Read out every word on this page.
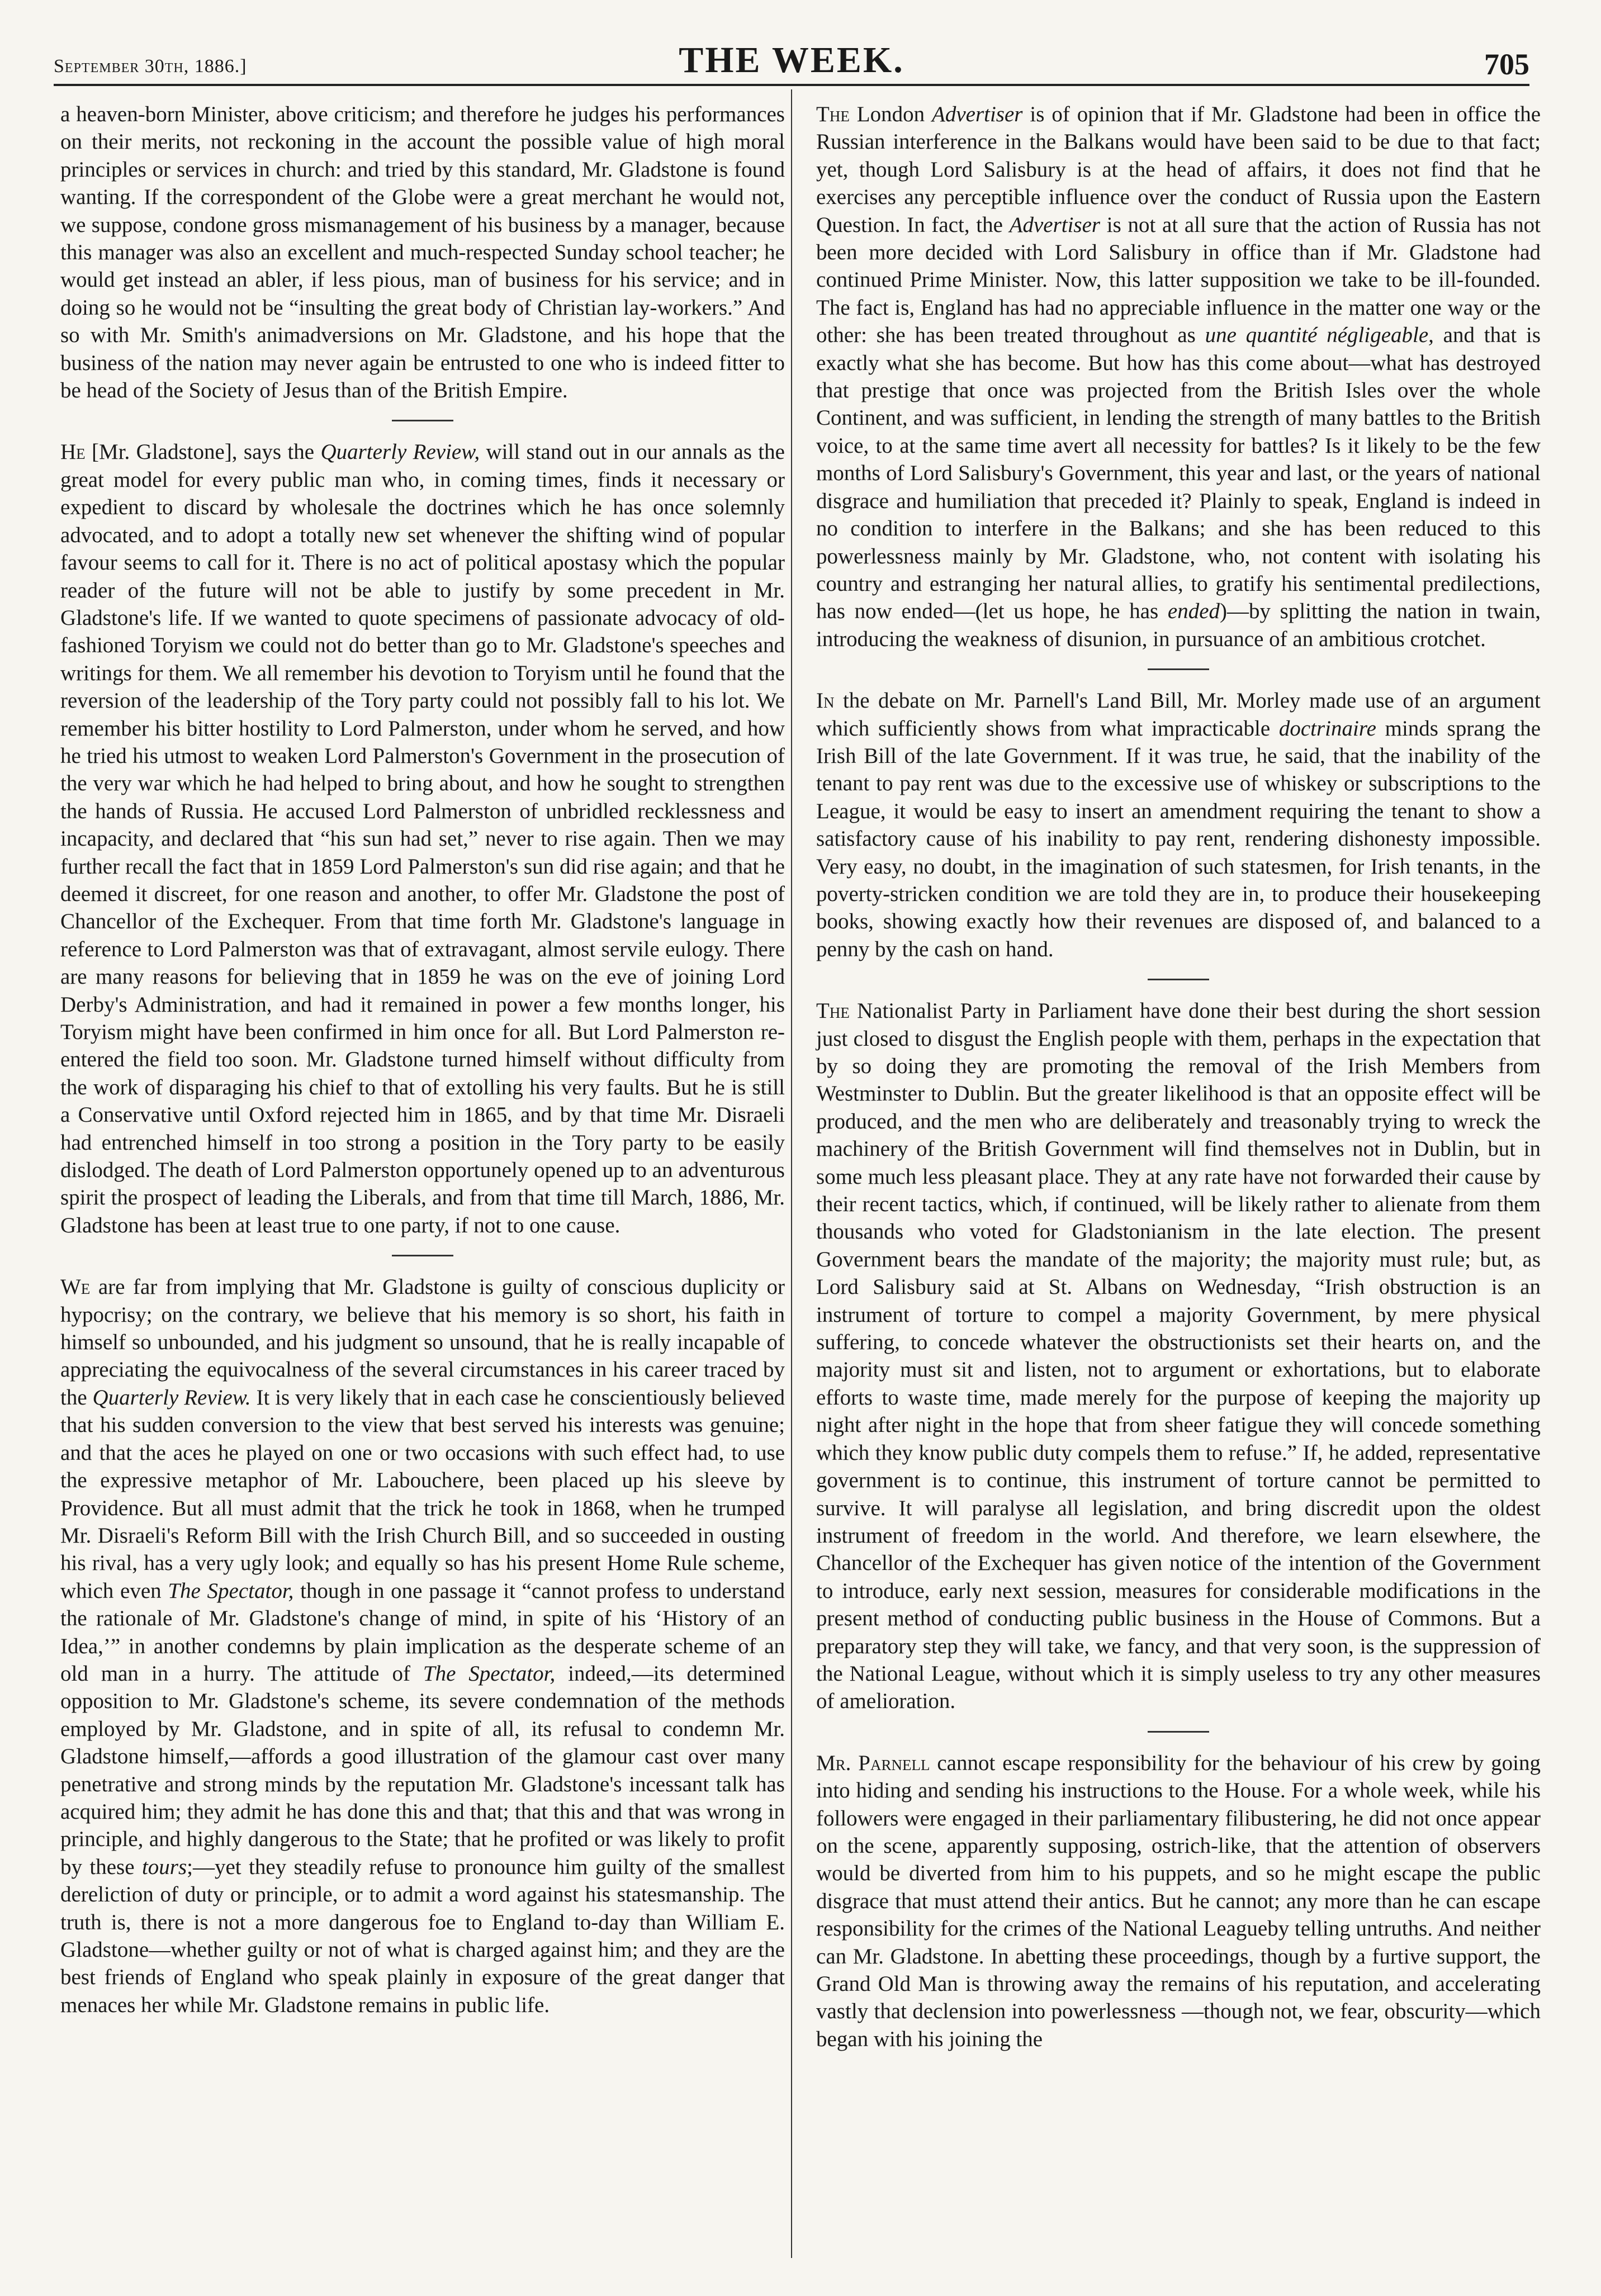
September 30th, 1886.]	THE WEEK.	705

a heaven-born Minister, above criticism; and therefore he judges his performances on their merits, not reckoning in the account the possible value of high moral principles or services in church: and tried by this standard, Mr. Gladstone is found wanting. If the correspondent of the Globe were a great merchant he would not, we suppose, condone gross mismanagement of his business by a manager, because this manager was also an excellent and much-respected Sunday school teacher; he would get instead an abler, if less pious, man of business for his service; and in doing so he would not be “insulting the great body of Christian lay-workers.” And so with Mr. Smith's animadversions on Mr. Gladstone, and his hope that the business of the nation may never again be entrusted to one who is indeed fitter to be head of the Society of Jesus than of the British Empire.

He [Mr. Gladstone], says the Quarterly Review, will stand out in our annals as the great model for every public man who, in coming times, finds it necessary or expedient to discard by wholesale the doctrines which he has once solemnly advocated, and to adopt a totally new set whenever the shifting wind of popular favour seems to call for it. There is no act of political apostasy which the popular reader of the future will not be able to justify by some precedent in Mr. Gladstone's life. If we wanted to quote specimens of passionate advocacy of old-fashioned Toryism we could not do better than go to Mr. Gladstone's speeches and writings for them. We all remember his devotion to Toryism until he found that the reversion of the leadership of the Tory party could not possibly fall to his lot. We remember his bitter hostility to Lord Palmerston, under whom he served, and how he tried his utmost to weaken Lord Palmerston's Government in the prosecution of the very war which he had helped to bring about, and how he sought to strengthen the hands of Russia. He accused Lord Palmerston of unbridled recklessness and incapacity, and declared that “his sun had set,” never to rise again. Then we may further recall the fact that in 1859 Lord Palmerston's sun did rise again; and that he deemed it discreet, for one reason and another, to offer Mr. Gladstone the post of Chancellor of the Exchequer. From that time forth Mr. Gladstone's language in reference to Lord Palmerston was that of extravagant, almost servile eulogy. There are many reasons for believing that in 1859 he was on the eve of joining Lord Derby's Administration, and had it remained in power a few months longer, his Toryism might have been confirmed in him once for all. But Lord Palmerston re-entered the field too soon. Mr. Gladstone turned himself without difficulty from the work of disparaging his chief to that of extolling his very faults. But he is still a Conservative until Oxford rejected him in 1865, and by that time Mr. Disraeli had entrenched himself in too strong a position in the Tory party to be easily dislodged. The death of Lord Palmerston opportunely opened up to an adventurous spirit the prospect of leading the Liberals, and from that time till March, 1886, Mr. Gladstone has been at least true to one party, if not to one cause.

We are far from implying that Mr. Gladstone is guilty of conscious duplicity or hypocrisy; on the contrary, we believe that his memory is so short, his faith in himself so unbounded, and his judgment so unsound, that he is really incapable of appreciating the equivocalness of the several circumstances in his career traced by the Quarterly Review. It is very likely that in each case he conscientiously believed that his sudden conversion to the view that best served his interests was genuine; and that the aces he played on one or two occasions with such effect had, to use the expressive metaphor of Mr. Labouchere, been placed up his sleeve by Providence. But all must admit that the trick he took in 1868, when he trumped Mr. Disraeli's Reform Bill with the Irish Church Bill, and so succeeded in ousting his rival, has a very ugly look; and equally so has his present Home Rule scheme, which even The Spectator, though in one passage it “cannot profess to understand the rationale of Mr. Gladstone's change of mind, in spite of his ‘History of an Idea,’” in another condemns by plain implication as the desperate scheme of an old man in a hurry. The attitude of The Spectator, indeed,—its determined opposition to Mr. Gladstone's scheme, its severe condemnation of the methods employed by Mr. Gladstone, and in spite of all, its refusal to condemn Mr. Gladstone himself,—affords a good illustration of the glamour cast over many penetrative and strong minds by the reputation Mr. Gladstone's incessant talk has acquired him; they admit he has done this and that; that this and that was wrong in principle, and highly dangerous to the State; that he profited or was likely to profit by these tours;—yet they steadily refuse to pronounce him guilty of the smallest dereliction of duty or principle, or to admit a word against his statesmanship. The truth is, there is not a more dangerous foe to England to-day than William E. Gladstone—whether guilty or not of what is charged against him; and they are the best friends of England who speak plainly in exposure of the great danger that menaces her while Mr. Gladstone remains in public life.

The London Advertiser is of opinion that if Mr. Gladstone had been in office the Russian interference in the Balkans would have been said to be due to that fact; yet, though Lord Salisbury is at the head of affairs, it does not find that he exercises any perceptible influence over the conduct of Russia upon the Eastern Question. In fact, the Advertiser is not at all sure that the action of Russia has not been more decided with Lord Salisbury in office than if Mr. Gladstone had continued Prime Minister. Now, this latter supposition we take to be ill-founded. The fact is, England has had no appreciable influence in the matter one way or the other: she has been treated throughout as une quantité négligeable, and that is exactly what she has become. But how has this come about—what has destroyed that prestige that once was projected from the British Isles over the whole Continent, and was sufficient, in lending the strength of many battles to the British voice, to at the same time avert all necessity for battles? Is it likely to be the few months of Lord Salisbury's Government, this year and last, or the years of national disgrace and humiliation that preceded it? Plainly to speak, England is indeed in no condition to interfere in the Balkans; and she has been reduced to this powerlessness mainly by Mr. Gladstone, who, not content with isolating his country and estranging her natural allies, to gratify his sentimental predilections, has now ended—(let us hope, he has ended)—by splitting the nation in twain, introducing the weakness of disunion, in pursuance of an ambitious crotchet.

In the debate on Mr. Parnell's Land Bill, Mr. Morley made use of an argument which sufficiently shows from what impracticable doctrinaire minds sprang the Irish Bill of the late Government. If it was true, he said, that the inability of the tenant to pay rent was due to the excessive use of whiskey or subscriptions to the League, it would be easy to insert an amendment requiring the tenant to show a satisfactory cause of his inability to pay rent, rendering dishonesty impossible. Very easy, no doubt, in the imagination of such statesmen, for Irish tenants, in the poverty-stricken condition we are told they are in, to produce their housekeeping books, showing exactly how their revenues are disposed of, and balanced to a penny by the cash on hand.

The Nationalist Party in Parliament have done their best during the short session just closed to disgust the English people with them, perhaps in the expectation that by so doing they are promoting the removal of the Irish Members from Westminster to Dublin. But the greater likelihood is that an opposite effect will be produced, and the men who are deliberately and treasonably trying to wreck the machinery of the British Government will find themselves not in Dublin, but in some much less pleasant place. They at any rate have not forwarded their cause by their recent tactics, which, if continued, will be likely rather to alienate from them thousands who voted for Gladstonianism in the late election. The present Government bears the mandate of the majority; the majority must rule; but, as Lord Salisbury said at St. Albans on Wednesday, “Irish obstruction is an instrument of torture to compel a majority Government, by mere physical suffering, to concede whatever the obstructionists set their hearts on, and the majority must sit and listen, not to argument or exhortations, but to elaborate efforts to waste time, made merely for the purpose of keeping the majority up night after night in the hope that from sheer fatigue they will concede something which they know public duty compels them to refuse.” If, he added, representative government is to continue, this instrument of torture cannot be permitted to survive. It will paralyse all legislation, and bring discredit upon the oldest instrument of freedom in the world. And therefore, we learn elsewhere, the Chancellor of the Exchequer has given notice of the intention of the Government to introduce, early next session, measures for considerable modifications in the present method of conducting public business in the House of Commons. But a preparatory step they will take, we fancy, and that very soon, is the suppression of the National League, without which it is simply useless to try any other measures of amelioration.

Mr. Parnell cannot escape responsibility for the behaviour of his crew by going into hiding and sending his instructions to the House. For a whole week, while his followers were engaged in their parliamentary filibustering, he did not once appear on the scene, apparently supposing, ostrich-like, that the attention of observers would be diverted from him to his puppets, and so he might escape the public disgrace that must attend their antics. But he cannot; any more than he can escape responsibility for the crimes of the National Leagueby telling untruths. And neither can Mr. Gladstone. In abetting these proceedings, though by a furtive support, the Grand Old Man is throwing away the remains of his reputation, and accelerating vastly that declension into powerlessness —though not, we fear, obscurity—which began with his joining the
